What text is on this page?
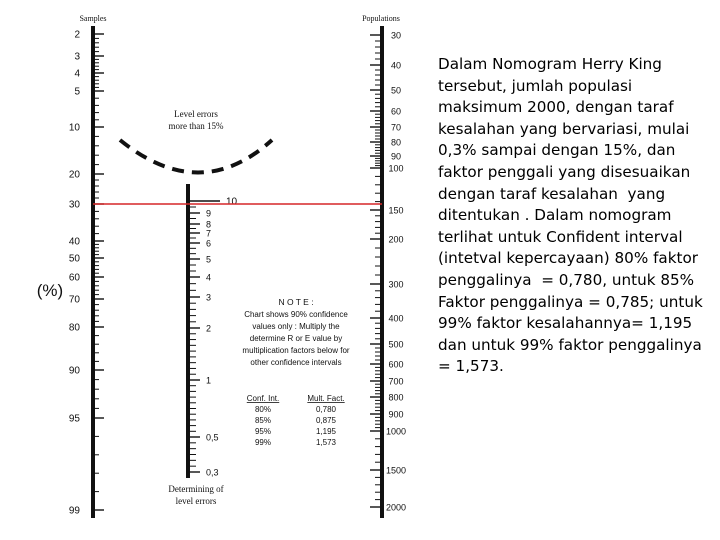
Samples	Populations
(%)
2
3
4
5
10
20
30
40
50
60
70
80
90
95
99
30
40
50
60
70
80
90
100
150
200
300
400
500
600
700
800
900
1000
1500
2000
10
9
8
7
6
5
4
3
2
1
0,5
0,3
Level errors
more than 15%
Determining of
level errors
N O T E :
Chart shows 90% confidence
values only : Multiply the
determine R or E value by
multiplication factors below for
other confidence intervals
Conf. Int.	Mult. Fact.
80%	0,780
85%	0,875
95%	1,195
99%	1,573

Dalam Nomogram Herry King tersebut, jumlah populasi maksimum 2000, dengan taraf kesalahan yang bervariasi, mulai 0,3% sampai dengan 15%, dan faktor penggali yang disesuaikan dengan taraf kesalahan  yang ditentukan . Dalam nomogram terlihat untuk Confident interval (intetval kepercayaan) 80% faktor penggalinya  = 0,780, untuk 85% Faktor penggalinya = 0,785; untuk 99% faktor kesalahannya= 1,195 dan untuk 99% faktor penggalinya = 1,573.
